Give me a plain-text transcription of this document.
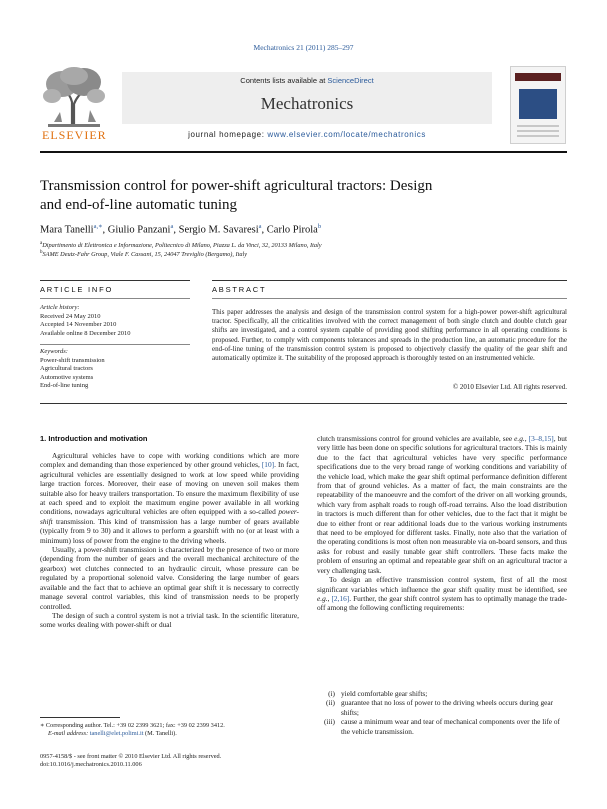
Mechatronics 21 (2011) 285–297
ELSEVIER
Contents lists available at ScienceDirect
Mechatronics
journal homepage: www.elsevier.com/locate/mechatronics
Transmission control for power-shift agricultural tractors: Design
and end-of-line automatic tuning
Mara Tanelli$^{a,∗}$, Giulio Panzani$^a$, Sergio M. Savaresi$^a$, Carlo Pirola$^b$
$^a$Dipartimento di Elettronica e Informazione, Politecnico di Milano, Piazza L. da Vinci, 32, 20133 Milano, Italy
$^b$SAME Deutz-Fahr Group, Viale F. Cassani, 15, 24047 Treviglio (Bergamo), Italy
ARTICLE INFO	ABSTRACT
Article history:
Received 24 May 2010
Accepted 14 November 2010
Available online 8 December 2010
Keywords:
Power-shift transmission
Agricultural tractors
Automotive systems
End-of-line tuning
This paper addresses the analysis and design of the transmission control system for a high-power power-shift agricultural tractor. Specifically, all the criticalities involved with the correct management of both single clutch and double clutch gear shifts are investigated, and a control system capable of providing good shifting performance in all operating conditions is proposed. Further, to comply with components tolerances and spreads in the production line, an automatic procedure for the end-of-line tuning of the transmission control system is proposed to objectively classify the quality of the gear shift and automatically optimize it. The suitability of the proposed approach is thoroughly tested on an instrumented vehicle.
© 2010 Elsevier Ltd. All rights reserved.
1. Introduction and motivation

Agricultural vehicles have to cope with working conditions which are more complex and demanding than those experienced by other ground vehicles, [10]. In fact, agricultural vehicles are essentially designed to work at low speed while providing large traction forces. Moreover, their ease of moving on uneven soil makes them suitable also for heavy trailers transportation. To ensure the maximum flexibility of use at each speed and to exploit the maximum engine power available in all working conditions, nowadays agricultural vehicles are often equipped with a so-called power-shift transmission. This kind of transmission has a large number of gears available (typically from 9 to 30) and it allows to perform a gearshift with no (or at least with a minimum) loss of power from the engine to the driving wheels.

Usually, a power-shift transmission is characterized by the presence of two or more (depending from the number of gears and the overall mechanical architecture of the gearbox) wet clutches connected to an hydraulic circuit, whose pressure can be regulated by a proportional solenoid valve. Considering the large number of gears available and the fact that to achieve an optimal gear shift it is necessary to correctly manage several control variables, this kind of transmission needs to be properly controlled.

The design of such a control system is not a trivial task. In the scientific literature, some works dealing with power-shift or dual

clutch transmissions control for ground vehicles are available, see e.g., [3–8,15], but very little has been done on specific solutions for agricultural tractors. This is mainly due to the fact that agricultural vehicles have very specific performance specifications due to the very broad range of working conditions and variability of the vehicle load, which make the gear shift optimal performance definition different from that of ground vehicles. As a matter of fact, the main constraints are the repeatability of the manoeuvre and the comfort of the driver on all working grounds, which vary from asphalt roads to rough off-road terrains. Also the load distribution in tractors is much different than for other vehicles, due to the fact that it might be due to either front or rear additional loads due to the various working instruments that need to be employed for different tasks. Finally, note also that the variation of the operating conditions is most often non measurable via on-board sensors, and thus asks for robust and easily tunable gear shift controllers. These facts make the problem of ensuring an optimal and repeatable gear shift on an agricultural tractor a very challenging task.

To design an effective transmission control system, first of all the most significant variables which influence the gear shift quality must be identified, see e.g., [2,16]. Further, the gear shift control system has to optimally manage the trade-off among the following conflicting requirements:

(i) yield comfortable gear shifts;
(ii) guarantee that no loss of power to the driving wheels occurs during gear shifts;
(iii) cause a minimum wear and tear of mechanical components over the life of the vehicle transmission.
∗ Corresponding author. Tel.: +39 02 2399 3621; fax: +39 02 2399 3412.
E-mail address: tanelli@elet.polimi.it (M. Tanelli).
0957-4158/$ - see front matter © 2010 Elsevier Ltd. All rights reserved.
doi:10.1016/j.mechatronics.2010.11.006
